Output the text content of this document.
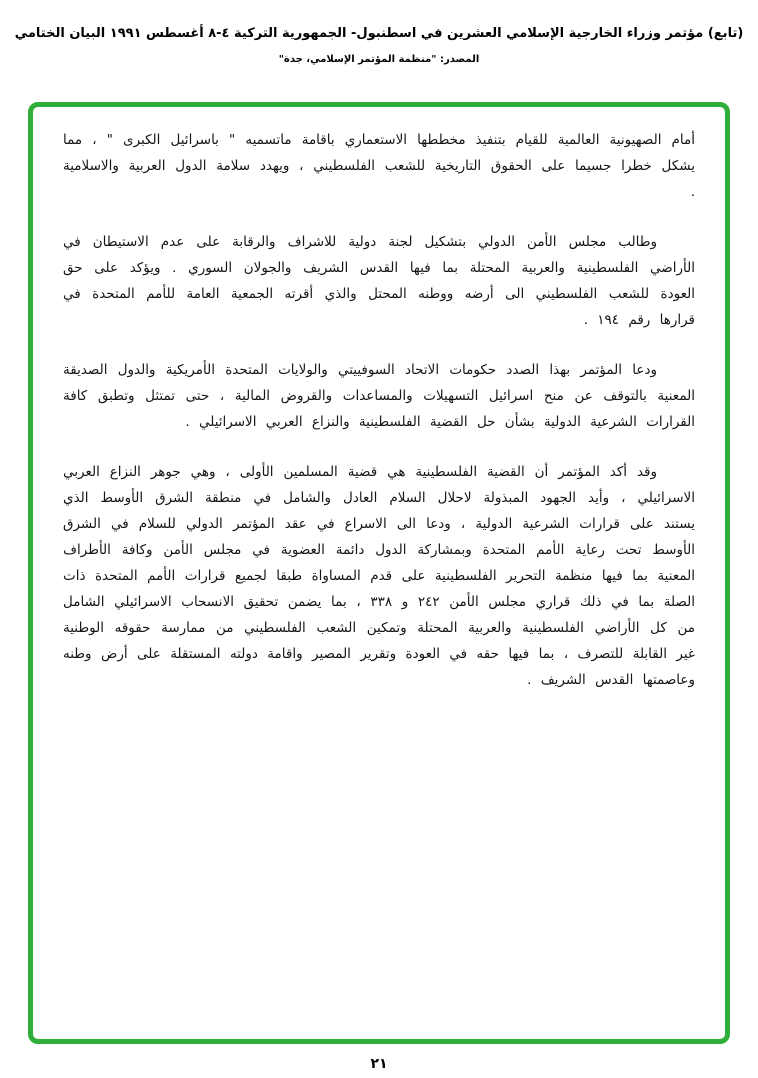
(تابع) مؤتمر وزراء الخارجية الإسلامي العشرين في اسطنبول- الجمهورية التركية ٤-٨ أغسطس ١٩٩١ البيان الختامي
المصدر: "منظمة المؤتمر الإسلامي، جدة"

أمام الصهيونية العالمية للقيام بتنفيذ مخططها الاستعماري باقامة ماتسميه " باسرائيل الكبرى " ، مما يشكل خطرا جسيما على الحقوق التاريخية للشعب الفلسطيني ، ويهدد سلامة الدول العربية والاسلامية .

وطالب مجلس الأمن الدولي بتشكيل لجنة دولية للاشراف والرقابة على عدم الاستيطان في الأراضي الفلسطينية والعربية المحتلة بما فيها القدس الشريف والجولان السوري . ويؤكد على حق العودة للشعب الفلسطيني الى أرضه ووطنه المحتل والذي أقرته الجمعية العامة للأمم المتحدة في قرارها رقم ١٩٤ .

ودعا المؤتمر بهذا الصدد حكومات الاتحاد السوفييتي والولايات المتحدة الأمريكية والدول الصديقة المعنية بالتوقف عن منح اسرائيل التسهيلات والمساعدات والقروض المالية ، حتى تمتثل وتطبق كافة القرارات الشرعية الدولية بشأن حل القضية الفلسطينية والنزاع العربي الاسرائيلي .

وقد أكد المؤتمر أن القضية الفلسطينية هي قضية المسلمين الأولى ، وهي جوهر النزاع العربي الاسرائيلي ، وأيد الجهود المبذولة لاحلال السلام العادل والشامل في منطقة الشرق الأوسط الذي يستند على قرارات الشرعية الدولية ، ودعا الى الاسراع في عقد المؤتمر الدولي للسلام في الشرق الأوسط تحت رعاية الأمم المتحدة وبمشاركة الدول دائمة العضوية في مجلس الأمن وكافة الأطراف المعنية بما فيها منظمة التحرير الفلسطينية على قدم المساواة طبقا لجميع قرارات الأمم المتحدة ذات الصلة بما في ذلك قراري مجلس الأمن ٢٤٢ و ٣٣٨ ، بما يضمن تحقيق الانسحاب الاسرائيلي الشامل من كل الأراضي الفلسطينية والعربية المحتلة وتمكين الشعب الفلسطيني من ممارسة حقوقه الوطنية غير القابلة للتصرف ، بما فيها حقه في العودة وتقرير المصير واقامة دولته المستقلة على أرض وطنه وعاصمتها القدس الشريف .

٢١
